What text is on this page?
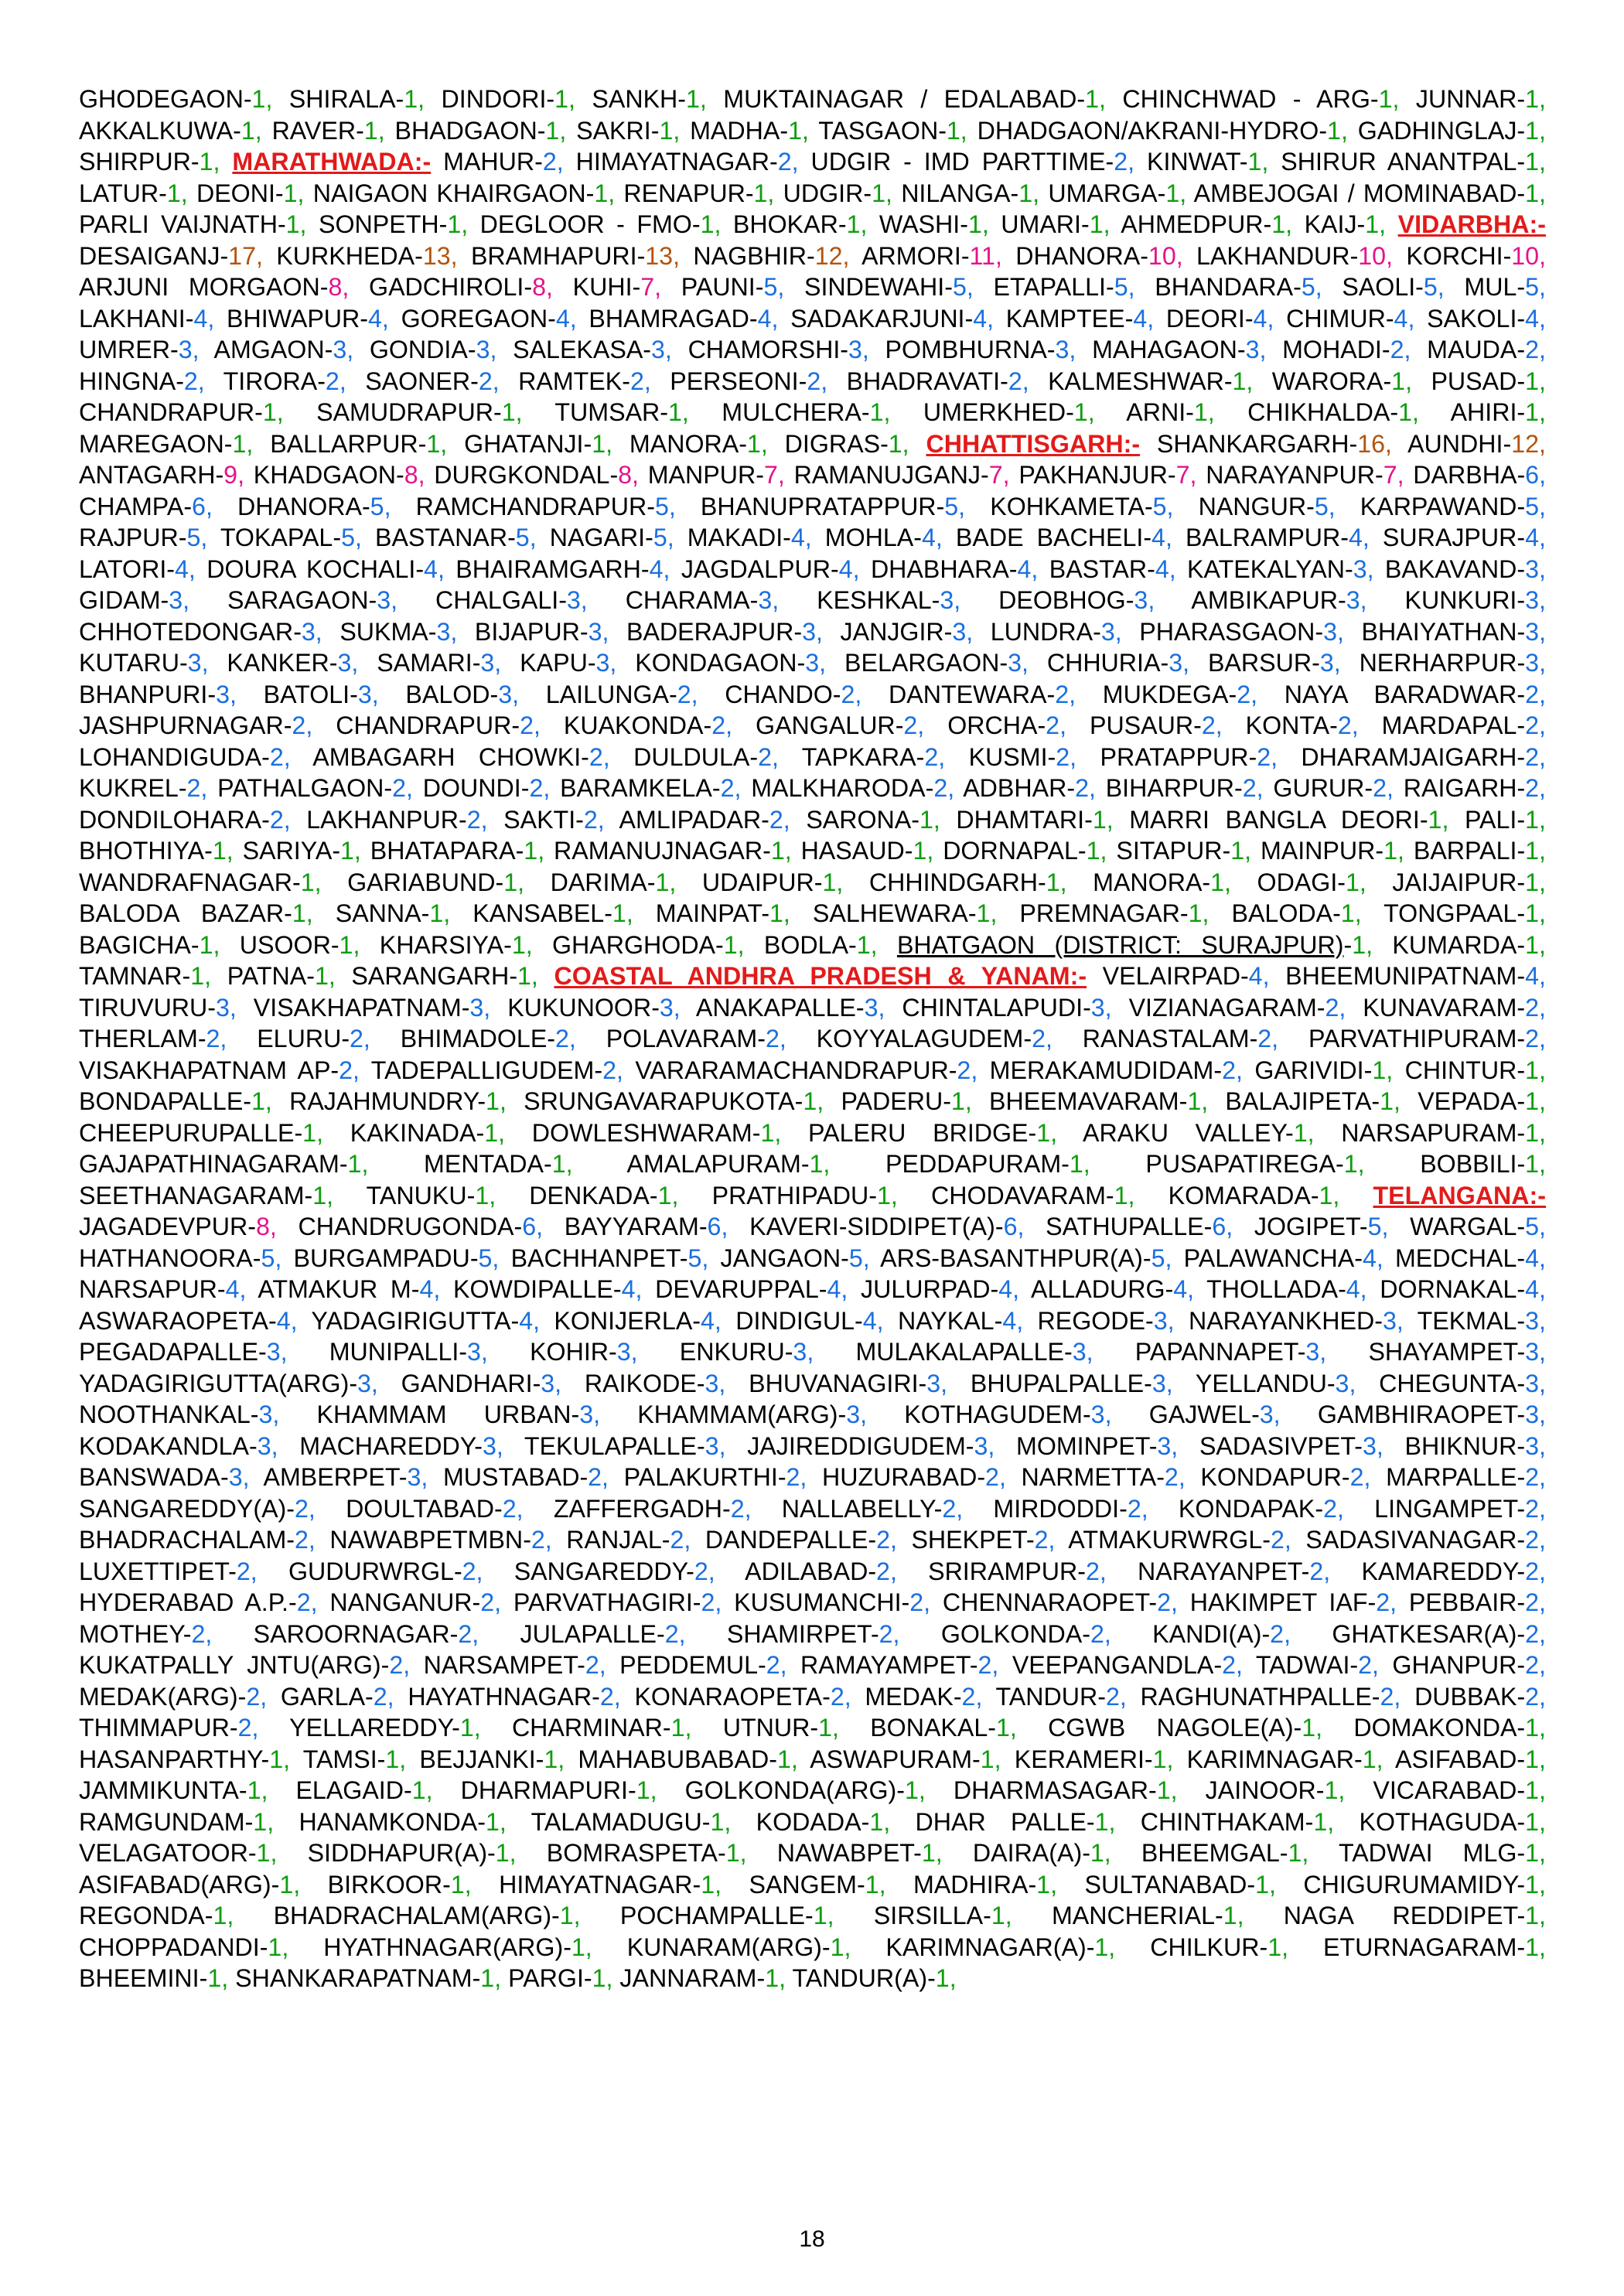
GHODEGAON-1, SHIRALA-1, DINDORI-1, SANKH-1, MUKTAINAGAR / EDALABAD-1, CHINCHWAD - ARG-1, JUNNAR-1, AKKALKUWA-1, RAVER-1, BHADGAON-1, SAKRI-1, MADHA-1, TASGAON-1, DHADGAON/AKRANI-HYDRO-1, GADHINGLAJ-1, SHIRPUR-1, MARATHWADA:- MAHUR-2, HIMAYATNAGAR-2, UDGIR - IMD PARTTIME-2, KINWAT-1, SHIRUR ANANTPAL-1, LATUR-1, DEONI-1, NAIGAON KHAIRGAON-1, RENAPUR-1, UDGIR-1, NILANGA-1, UMARGA-1, AMBEJOGAI / MOMINABAD-1, PARLI VAIJNATH-1, SONPETH-1, DEGLOOR - FMO-1, BHOKAR-1, WASHI-1, UMARI-1, AHMEDPUR-1, KAIJ-1, VIDARBHA:- DESAIGANJ-17, KURKHEDA-13, BRAMHAPURI-13, NAGBHIR-12, ARMORI-11, DHANORA-10, LAKHANDUR-10, KORCHI-10, ARJUNI MORGAON-8, GADCHIROLI-8, KUHI-7, PAUNI-5, SINDEWAHI-5, ETAPALLI-5, BHANDARA-5, SAOLI-5, MUL-5, LAKHANI-4, BHIWAPUR-4, GOREGAON-4, BHAMRAGAD-4, SADAKARJUNI-4, KAMPTEE-4, DEORI-4, CHIMUR-4, SAKOLI-4, UMRER-3, AMGAON-3, GONDIA-3, SALEKASA-3, CHAMORSHI-3, POMBHURNA-3, MAHAGAON-3, MOHADI-2, MAUDA-2, HINGNA-2, TIRORA-2, SAONER-2, RAMTEK-2, PERSEONI-2, BHADRAVATI-2, KALMESHWAR-1, WARORA-1, PUSAD-1, CHANDRAPUR-1, SAMUDRAPUR-1, TUMSAR-1, MULCHERA-1, UMERKHED-1, ARNI-1, CHIKHALDA-1, AHIRI-1, MAREGAON-1, BALLARPUR-1, GHATANJI-1, MANORA-1, DIGRAS-1, CHHATTISGARH:- SHANKARGARH-16, AUNDHI-12, ANTAGARH-9, KHADGAON-8, DURGKONDAL-8, MANPUR-7, RAMANUJGANJ-7, PAKHANJUR-7, NARAYANPUR-7, DARBHA-6, CHAMPA-6, DHANORA-5, RAMCHANDRAPUR-5, BHANUPRATAPPUR-5, KOHKAMETA-5, NANGUR-5, KARPAWAND-5, RAJPUR-5, TOKAPAL-5, BASTANAR-5, NAGARI-5, MAKADI-4, MOHLA-4, BADE BACHELI-4, BALRAMPUR-4, SURAJPUR-4, LATORI-4, DOURA KOCHALI-4, BHAIRAMGARH-4, JAGDALPUR-4, DHABHARA-4, BASTAR-4, KATEKALYAN-3, BAKAVAND-3, GIDAM-3, SARAGAON-3, CHALGALI-3, CHARAMA-3, KESHKAL-3, DEOBHOG-3, AMBIKAPUR-3, KUNKURI-3, CHHOTEDONGAR-3, SUKMA-3, BIJAPUR-3, BADERAJPUR-3, JANJGIR-3, LUNDRA-3, PHARASGAON-3, BHAIYATHAN-3, KUTARU-3, KANKER-3, SAMARI-3, KAPU-3, KONDAGAON-3, BELARGAON-3, CHHURIA-3, BARSUR-3, NERHARPUR-3, BHANPURI-3, BATOLI-3, BALOD-3, LAILUNGA-2, CHANDO-2, DANTEWARA-2, MUKDEGA-2, NAYA BARADWAR-2, JASHPURNAGAR-2, CHANDRAPUR-2, KUAKONDA-2, GANGALUR-2, ORCHA-2, PUSAUR-2, KONTA-2, MARDAPAL-2, LOHANDIGUDA-2, AMBAGARH CHOWKI-2, DULDULA-2, TAPKARA-2, KUSMI-2, PRATAPPUR-2, DHARAMJAIGARH-2, KUKREL-2, PATHALGAON-2, DOUNDI-2, BARAMKELA-2, MALKHARODA-2, ADBHAR-2, BIHARPUR-2, GURUR-2, RAIGARH-2, DONDILOHARA-2, LAKHANPUR-2, SAKTI-2, AMLIPADAR-2, SARONA-1, DHAMTARI-1, MARRI BANGLA DEORI-1, PALI-1, BHOTHIYA-1, SARIYA-1, BHATAPARA-1, RAMANUJNAGAR-1, HASAUD-1, DORNAPAL-1, SITAPUR-1, MAINPUR-1, BARPALI-1, WANDRAFNAGAR-1, GARIABUND-1, DARIMA-1, UDAIPUR-1, CHHINDGARH-1, MANORA-1, ODAGI-1, JAIJAIPUR-1, BALODA BAZAR-1, SANNA-1, KANSABEL-1, MAINPAT-1, SALHEWARA-1, PREMNAGAR-1, BALODA-1, TONGPAAL-1, BAGICHA-1, USOOR-1, KHARSIYA-1, GHARGHODA-1, BODLA-1, BHATGAON (DISTRICT: SURAJPUR)-1, KUMARDA-1, TAMNAR-1, PATNA-1, SARANGARH-1, COASTAL ANDHRA PRADESH & YANAM:- VELAIRPAD-4, BHEEMUNIPATNAM-4, TIRUVURU-3, VISAKHAPATNAM-3, KUKUNOOR-3, ANAKAPALLE-3, CHINTALAPUDI-3, VIZIANAGARAM-2, KUNAVARAM-2, THERLAM-2, ELURU-2, BHIMADOLE-2, POLAVARAM-2, KOYYALAGUDEM-2, RANASTALAM-2, PARVATHIPURAM-2, VISAKHAPATNAM AP-2, TADEPALLIGUDEM-2, VARARAMACHANDRAPUR-2, MERAKAMUDIDAM-2, GARIVIDI-1, CHINTUR-1, BONDAPALLE-1, RAJAHMUNDRY-1, SRUNGAVARAPUKOTA-1, PADERU-1, BHEEMAVARAM-1, BALAJIPETA-1, VEPADA-1, CHEEPURUPALLE-1, KAKINADA-1, DOWLESHWARAM-1, PALERU BRIDGE-1, ARAKU VALLEY-1, NARSAPURAM-1, GAJAPATHINAGARAM-1, MENTADA-1, AMALAPURAM-1, PEDDAPURAM-1, PUSAPATIREGA-1, BOBBILI-1, SEETHANAGARAM-1, TANUKU-1, DENKADA-1, PRATHIPADU-1, CHODAVARAM-1, KOMARADA-1, TELANGANA:- JAGADEVPUR-8, CHANDRUGONDA-6, BAYYARAM-6, KAVERI-SIDDIPET(A)-6, SATHUPALLE-6, JOGIPET-5, WARGAL-5, HATHANOORA-5, BURGAMPADU-5, BACHHANPET-5, JANGAON-5, ARS-BASANTHPUR(A)-5, PALAWANCHA-4, MEDCHAL-4, NARSAPUR-4, ATMAKUR M-4, KOWDIPALLE-4, DEVARUPPAL-4, JULURPAD-4, ALLADURG-4, THOLLADA-4, DORNAKAL-4, ASWARAOPETA-4, YADAGIRIGUTTA-4, KONIJERLA-4, DINDIGUL-4, NAYKAL-4, REGODE-3, NARAYANKHED-3, TEKMAL-3, PEGADAPALLE-3, MUNIPALLI-3, KOHIR-3, ENKURU-3, MULAKALAPALLE-3, PAPANNAPET-3, SHAYAMPET-3, YADAGIRIGUTTA(ARG)-3, GANDHARI-3, RAIKODE-3, BHUVANAGIRI-3, BHUPALPALLE-3, YELLANDU-3, CHEGUNTA-3, NOOTHANKAL-3, KHAMMAM URBAN-3, KHAMMAM(ARG)-3, KOTHAGUDEM-3, GAJWEL-3, GAMBHIRAOPET-3, KODAKANDLA-3, MACHAREDDY-3, TEKULAPALLE-3, JAJIREDDIGUDEM-3, MOMINPET-3, SADASIVPET-3, BHIKNUR-3, BANSWADA-3, AMBERPET-3, MUSTABAD-2, PALAKURTHI-2, HUZURABAD-2, NARMETTA-2, KONDAPUR-2, MARPALLE-2, SANGAREDDY(A)-2, DOULTABAD-2, ZAFFERGADH-2, NALLABELLY-2, MIRDODDI-2, KONDAPAK-2, LINGAMPET-2, BHADRACHALAM-2, NAWABPETMBN-2, RANJAL-2, DANDEPALLE-2, SHEKPET-2, ATMAKURWRGL-2, SADASIVANAGAR-2, LUXETTIPET-2, GUDURWRGL-2, SANGAREDDY-2, ADILABAD-2, SRIRAMPUR-2, NARAYANPET-2, KAMAREDDY-2, HYDERABAD A.P.-2, NANGANUR-2, PARVATHAGIRI-2, KUSUMANCHI-2, CHENNARAOPET-2, HAKIMPET IAF-2, PEBBAIR-2, MOTHEY-2, SAROORNAGAR-2, JULAPALLE-2, SHAMIRPET-2, GOLKONDA-2, KANDI(A)-2, GHATKESAR(A)-2, KUKATPALLY JNTU(ARG)-2, NARSAMPET-2, PEDDEMUL-2, RAMAYAMPET-2, VEEPANGANDLA-2, TADWAI-2, GHANPUR-2, MEDAK(ARG)-2, GARLA-2, HAYATHNAGAR-2, KONARAOPETA-2, MEDAK-2, TANDUR-2, RAGHUNATHPALLE-2, DUBBAK-2, THIMMAPUR-2, YELLAREDDY-1, CHARMINAR-1, UTNUR-1, BONAKAL-1, CGWB NAGOLE(A)-1, DOMAKONDA-1, HASANPARTHY-1, TAMSI-1, BEJJANKI-1, MAHABUBABAD-1, ASWAPURAM-1, KERAMERI-1, KARIMNAGAR-1, ASIFABAD-1, JAMMIKUNTA-1, ELAGAID-1, DHARMAPURI-1, GOLKONDA(ARG)-1, DHARMASAGAR-1, JAINOOR-1, VICARABAD-1, RAMGUNDAM-1, HANAMKONDA-1, TALAMADUGU-1, KODADA-1, DHAR PALLE-1, CHINTHAKAM-1, KOTHAGUDA-1, VELAGATOOR-1, SIDDHAPUR(A)-1, BOMRASPETA-1, NAWABPET-1, DAIRA(A)-1, BHEEMGAL-1, TADWAI MLG-1, ASIFABAD(ARG)-1, BIRKOOR-1, HIMAYATNAGAR-1, SANGEM-1, MADHIRA-1, SULTANABAD-1, CHIGURUMAMIDY-1, REGONDA-1, BHADRACHALAM(ARG)-1, POCHAMPALLE-1, SIRSILLA-1, MANCHERIAL-1, NAGA REDDIPET-1, CHOPPADANDI-1, HYATHNAGAR(ARG)-1, KUNARAM(ARG)-1, KARIMNAGAR(A)-1, CHILKUR-1, ETURNAGARAM-1, BHEEMINI-1, SHANKARAPATNAM-1, PARGI-1, JANNARAM-1, TANDUR(A)-1,
18
